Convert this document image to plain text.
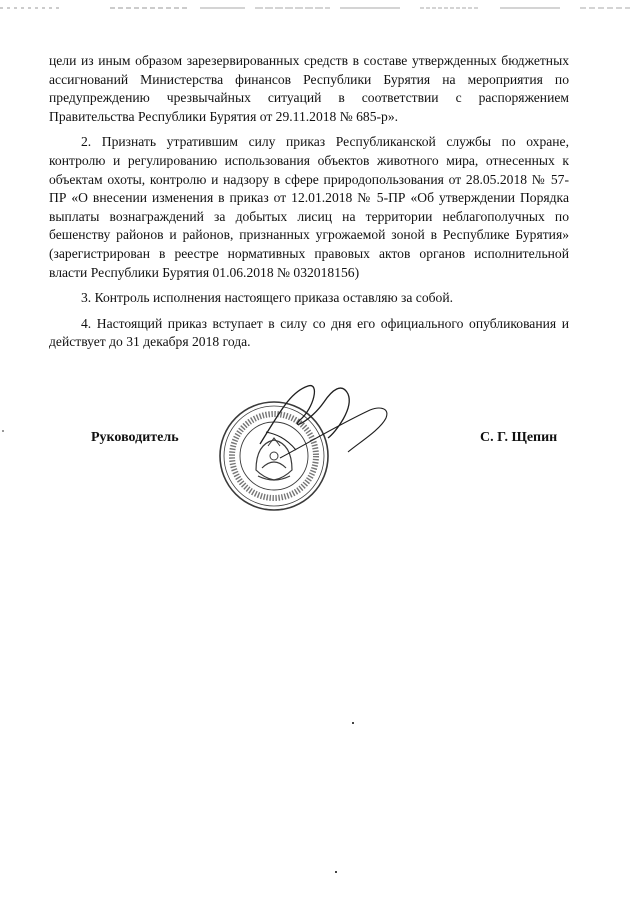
цели из иным образом зарезервированных средств в составе утвержденных бюджетных ассигнований Министерства финансов Республики Бурятия на мероприятия по предупреждению чрезвычайных ситуаций в соответствии с распоряжением Правительства Республики Бурятия от 29.11.2018 № 685-р».

2. Признать утратившим силу приказ Республиканской службы по охране, контролю и регулированию использования объектов животного мира, отнесенных к объектам охоты, контролю и надзору в сфере природопользования от 28.05.2018 № 57-ПР «О внесении изменения в приказ от 12.01.2018 № 5-ПР «Об утверждении Порядка выплаты вознаграждений за добытых лисиц на территории неблагополучных по бешенству районов и районов, признанных угрожаемой зоной в Республике Бурятия» (зарегистрирован в реестре нормативных правовых актов органов исполнительной власти Республики Бурятия 01.06.2018 № 032018156)

3. Контроль исполнения настоящего приказа оставляю за собой.

4. Настоящий приказ вступает в силу со дня его официального опубликования и действует до 31 декабря 2018 года.

Руководитель	С. Г. Щепин
